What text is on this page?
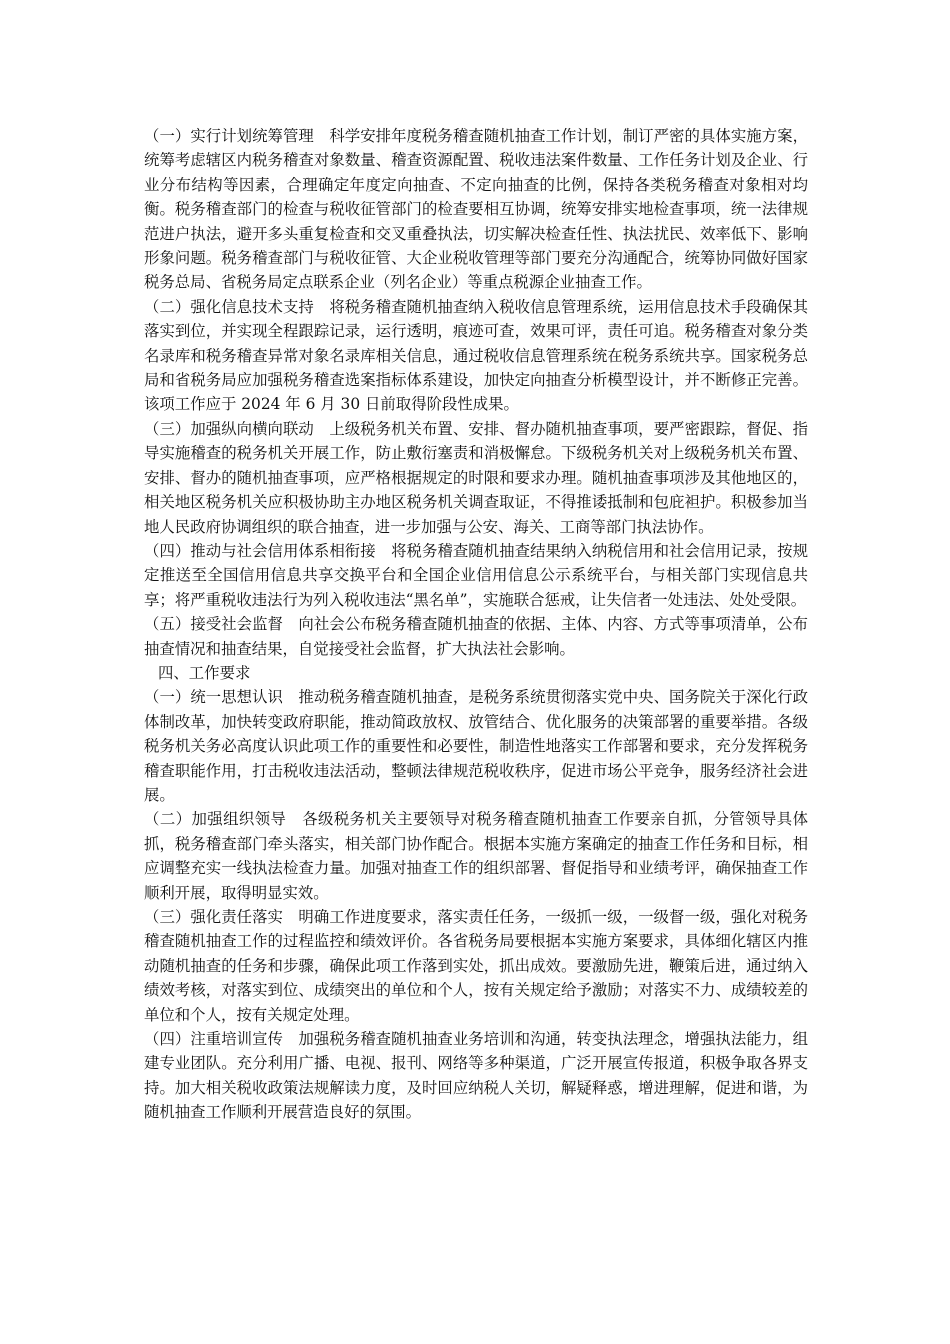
（一）实行计划统筹管理　科学安排年度税务稽查随机抽查工作计划，制订严密的具体实施方案，统筹考虑辖区内税务稽查对象数量、稽查资源配置、税收违法案件数量、工作任务计划及企业、行业分布结构等因素，合理确定年度定向抽查、不定向抽查的比例，保持各类税务稽查对象相对均衡。税务稽查部门的检查与税收征管部门的检查要相互协调，统筹安排实地检查事项，统一法律规范进户执法，避开多头重复检查和交叉重叠执法，切实解决检查任性、执法扰民、效率低下、影响形象问题。税务稽查部门与税收征管、大企业税收管理等部门要充分沟通配合，统筹协同做好国家税务总局、省税务局定点联系企业（列名企业）等重点税源企业抽查工作。

（二）强化信息技术支持　将税务稽查随机抽查纳入税收信息管理系统，运用信息技术手段确保其落实到位，并实现全程跟踪记录，运行透明，痕迹可查，效果可评，责任可追。税务稽查对象分类名录库和税务稽查异常对象名录库相关信息，通过税收信息管理系统在税务系统共享。国家税务总局和省税务局应加强税务稽查选案指标体系建设，加快定向抽查分析模型设计，并不断修正完善。该项工作应于 2024 年 6 月 30 日前取得阶段性成果。

（三）加强纵向横向联动　上级税务机关布置、安排、督办随机抽查事项，要严密跟踪，督促、指导实施稽查的税务机关开展工作，防止敷衍塞责和消极懈怠。下级税务机关对上级税务机关布置、安排、督办的随机抽查事项，应严格根据规定的时限和要求办理。随机抽查事项涉及其他地区的，相关地区税务机关应积极协助主办地区税务机关调查取证，不得推诿抵制和包庇袒护。积极参加当地人民政府协调组织的联合抽查，进一步加强与公安、海关、工商等部门执法协作。

（四）推动与社会信用体系相衔接　将税务稽查随机抽查结果纳入纳税信用和社会信用记录，按规定推送至全国信用信息共享交换平台和全国企业信用信息公示系统平台，与相关部门实现信息共享；将严重税收违法行为列入税收违法“黑名单”，实施联合惩戒，让失信者一处违法、处处受限。

（五）接受社会监督　向社会公布税务稽查随机抽查的依据、主体、内容、方式等事项清单，公布抽查情况和抽查结果，自觉接受社会监督，扩大执法社会影响。

四、工作要求

（一）统一思想认识　推动税务稽查随机抽查，是税务系统贯彻落实党中央、国务院关于深化行政体制改革，加快转变政府职能，推动简政放权、放管结合、优化服务的决策部署的重要举措。各级税务机关务必高度认识此项工作的重要性和必要性，制造性地落实工作部署和要求，充分发挥税务稽查职能作用，打击税收违法活动，整顿法律规范税收秩序，促进市场公平竞争，服务经济社会进展。

（二）加强组织领导　各级税务机关主要领导对税务稽查随机抽查工作要亲自抓，分管领导具体抓，税务稽查部门牵头落实，相关部门协作配合。根据本实施方案确定的抽查工作任务和目标，相应调整充实一线执法检查力量。加强对抽查工作的组织部署、督促指导和业绩考评，确保抽查工作顺利开展，取得明显实效。

（三）强化责任落实　明确工作进度要求，落实责任任务，一级抓一级，一级督一级，强化对税务稽查随机抽查工作的过程监控和绩效评价。各省税务局要根据本实施方案要求，具体细化辖区内推动随机抽查的任务和步骤，确保此项工作落到实处，抓出成效。要激励先进，鞭策后进，通过纳入绩效考核，对落实到位、成绩突出的单位和个人，按有关规定给予激励；对落实不力、成绩较差的单位和个人，按有关规定处理。

（四）注重培训宣传　加强税务稽查随机抽查业务培训和沟通，转变执法理念，增强执法能力，组建专业团队。充分利用广播、电视、报刊、网络等多种渠道，广泛开展宣传报道，积极争取各界支持。加大相关税收政策法规解读力度，及时回应纳税人关切，解疑释惑，增进理解，促进和谐，为随机抽查工作顺利开展营造良好的氛围。
